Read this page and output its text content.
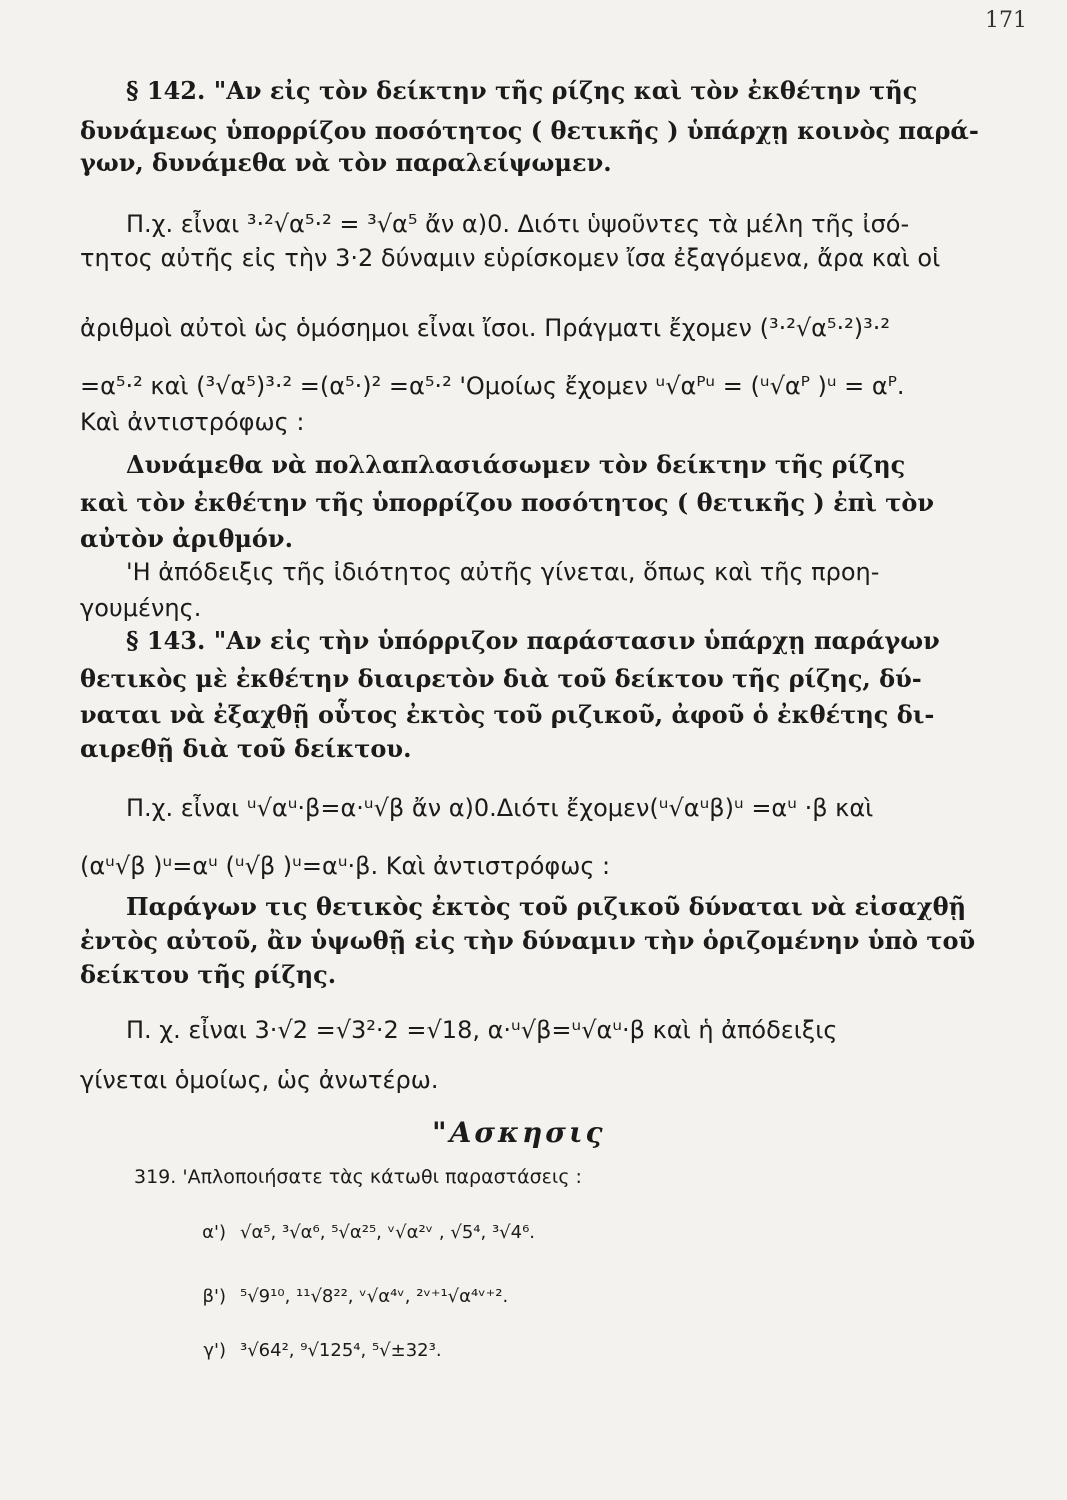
171
§ 142. "Αν εἰς τὸν δείκτην τῆς ρίζης καὶ τὸν ἐκθέτην τῆς
δυνάμεως ὑπορρίζου ποσότητος ( θετικῆς ) ὑπάρχῃ κοινὸς παρά-
γων, δυνάμεθα νὰ τὸν παραλείψωμεν.
Π.χ. εἶναι ³·²√α⁵·² = ³√α⁵ ἄν α)0. Διότι ὑψοῦντες τὰ μέλη τῆς ἰσό-
τητος αὐτῆς εἰς τὴν 3·2 δύναμιν εὑρίσκομεν ἴσα ἐξαγόμενα, ἄρα καὶ οἱ
ἀριθμοὶ αὐτοὶ ὡς ὁμόσημοι εἶναι ἴσοι. Πράγματι ἔχομεν (³·²√α⁵·²)³·²
=α⁵·² καὶ (³√α⁵)³·² =(α⁵·)² =α⁵·² 'Ομοίως ἔχομεν ᵘ√αᴾᵘ = (ᵘ√αᴾ )ᵘ = αᴾ.
Καὶ ἀντιστρόφως :
Δυνάμεθα νὰ πολλαπλασιάσωμεν τὸν δείκτην τῆς ρίζης
καὶ τὸν ἐκθέτην τῆς ὑπορρίζου ποσότητος ( θετικῆς ) ἐπὶ τὸν
αὐτὸν ἀριθμόν.
'Η ἀπόδειξις τῆς ἰδιότητος αὐτῆς γίνεται, ὅπως καὶ τῆς προη-
γουμένης.
§ 143. "Αν εἰς τὴν ὑπόρριζον παράστασιν ὑπάρχῃ παράγων
θετικὸς μὲ ἐκθέτην διαιρετὸν διὰ τοῦ δείκτου τῆς ρίζης, δύ-
ναται νὰ ἐξαχθῇ οὗτος ἐκτὸς τοῦ ριζικοῦ, ἀφοῦ ὁ ἐκθέτης δι-
αιρεθῇ διὰ τοῦ δείκτου.
Π.χ. εἶναι ᵘ√αᵘ·β=α·ᵘ√β ἄν α)0.Διότι ἔχομεν(ᵘ√αᵘβ)ᵘ =αᵘ ·β καὶ
(αᵘ√β )ᵘ=αᵘ (ᵘ√β )ᵘ=αᵘ·β. Καὶ ἀντιστρόφως :
Παράγων τις θετικὸς ἐκτὸς τοῦ ριζικοῦ δύναται νὰ εἰσαχθῇ
ἐντὸς αὐτοῦ, ἂν ὑψωθῇ εἰς τὴν δύναμιν τὴν ὁριζομένην ὑπὸ τοῦ
δείκτου τῆς ρίζης.
Π. χ. εἶναι 3·√2 =√3²·2 =√18, α·ᵘ√β=ᵘ√αᵘ·β καὶ ἡ ἀπόδειξις
γίνεται ὁμοίως, ὡς ἀνωτέρω.
"Ασκησις
319. 'Απλοποιήσατε τὰς κάτωθι παραστάσεις :
α') √α⁵, ³√α⁶, ⁵√α²⁵, ᵛ√α²ᵛ , √5⁴, ³√4⁶.
β') ⁵√9¹⁰, ¹¹√8²², ᵛ√α⁴ᵛ, ²ᵛ⁺¹√α⁴ᵛ⁺².
γ') ³√64², ⁹√125⁴, ⁵√±32³.
